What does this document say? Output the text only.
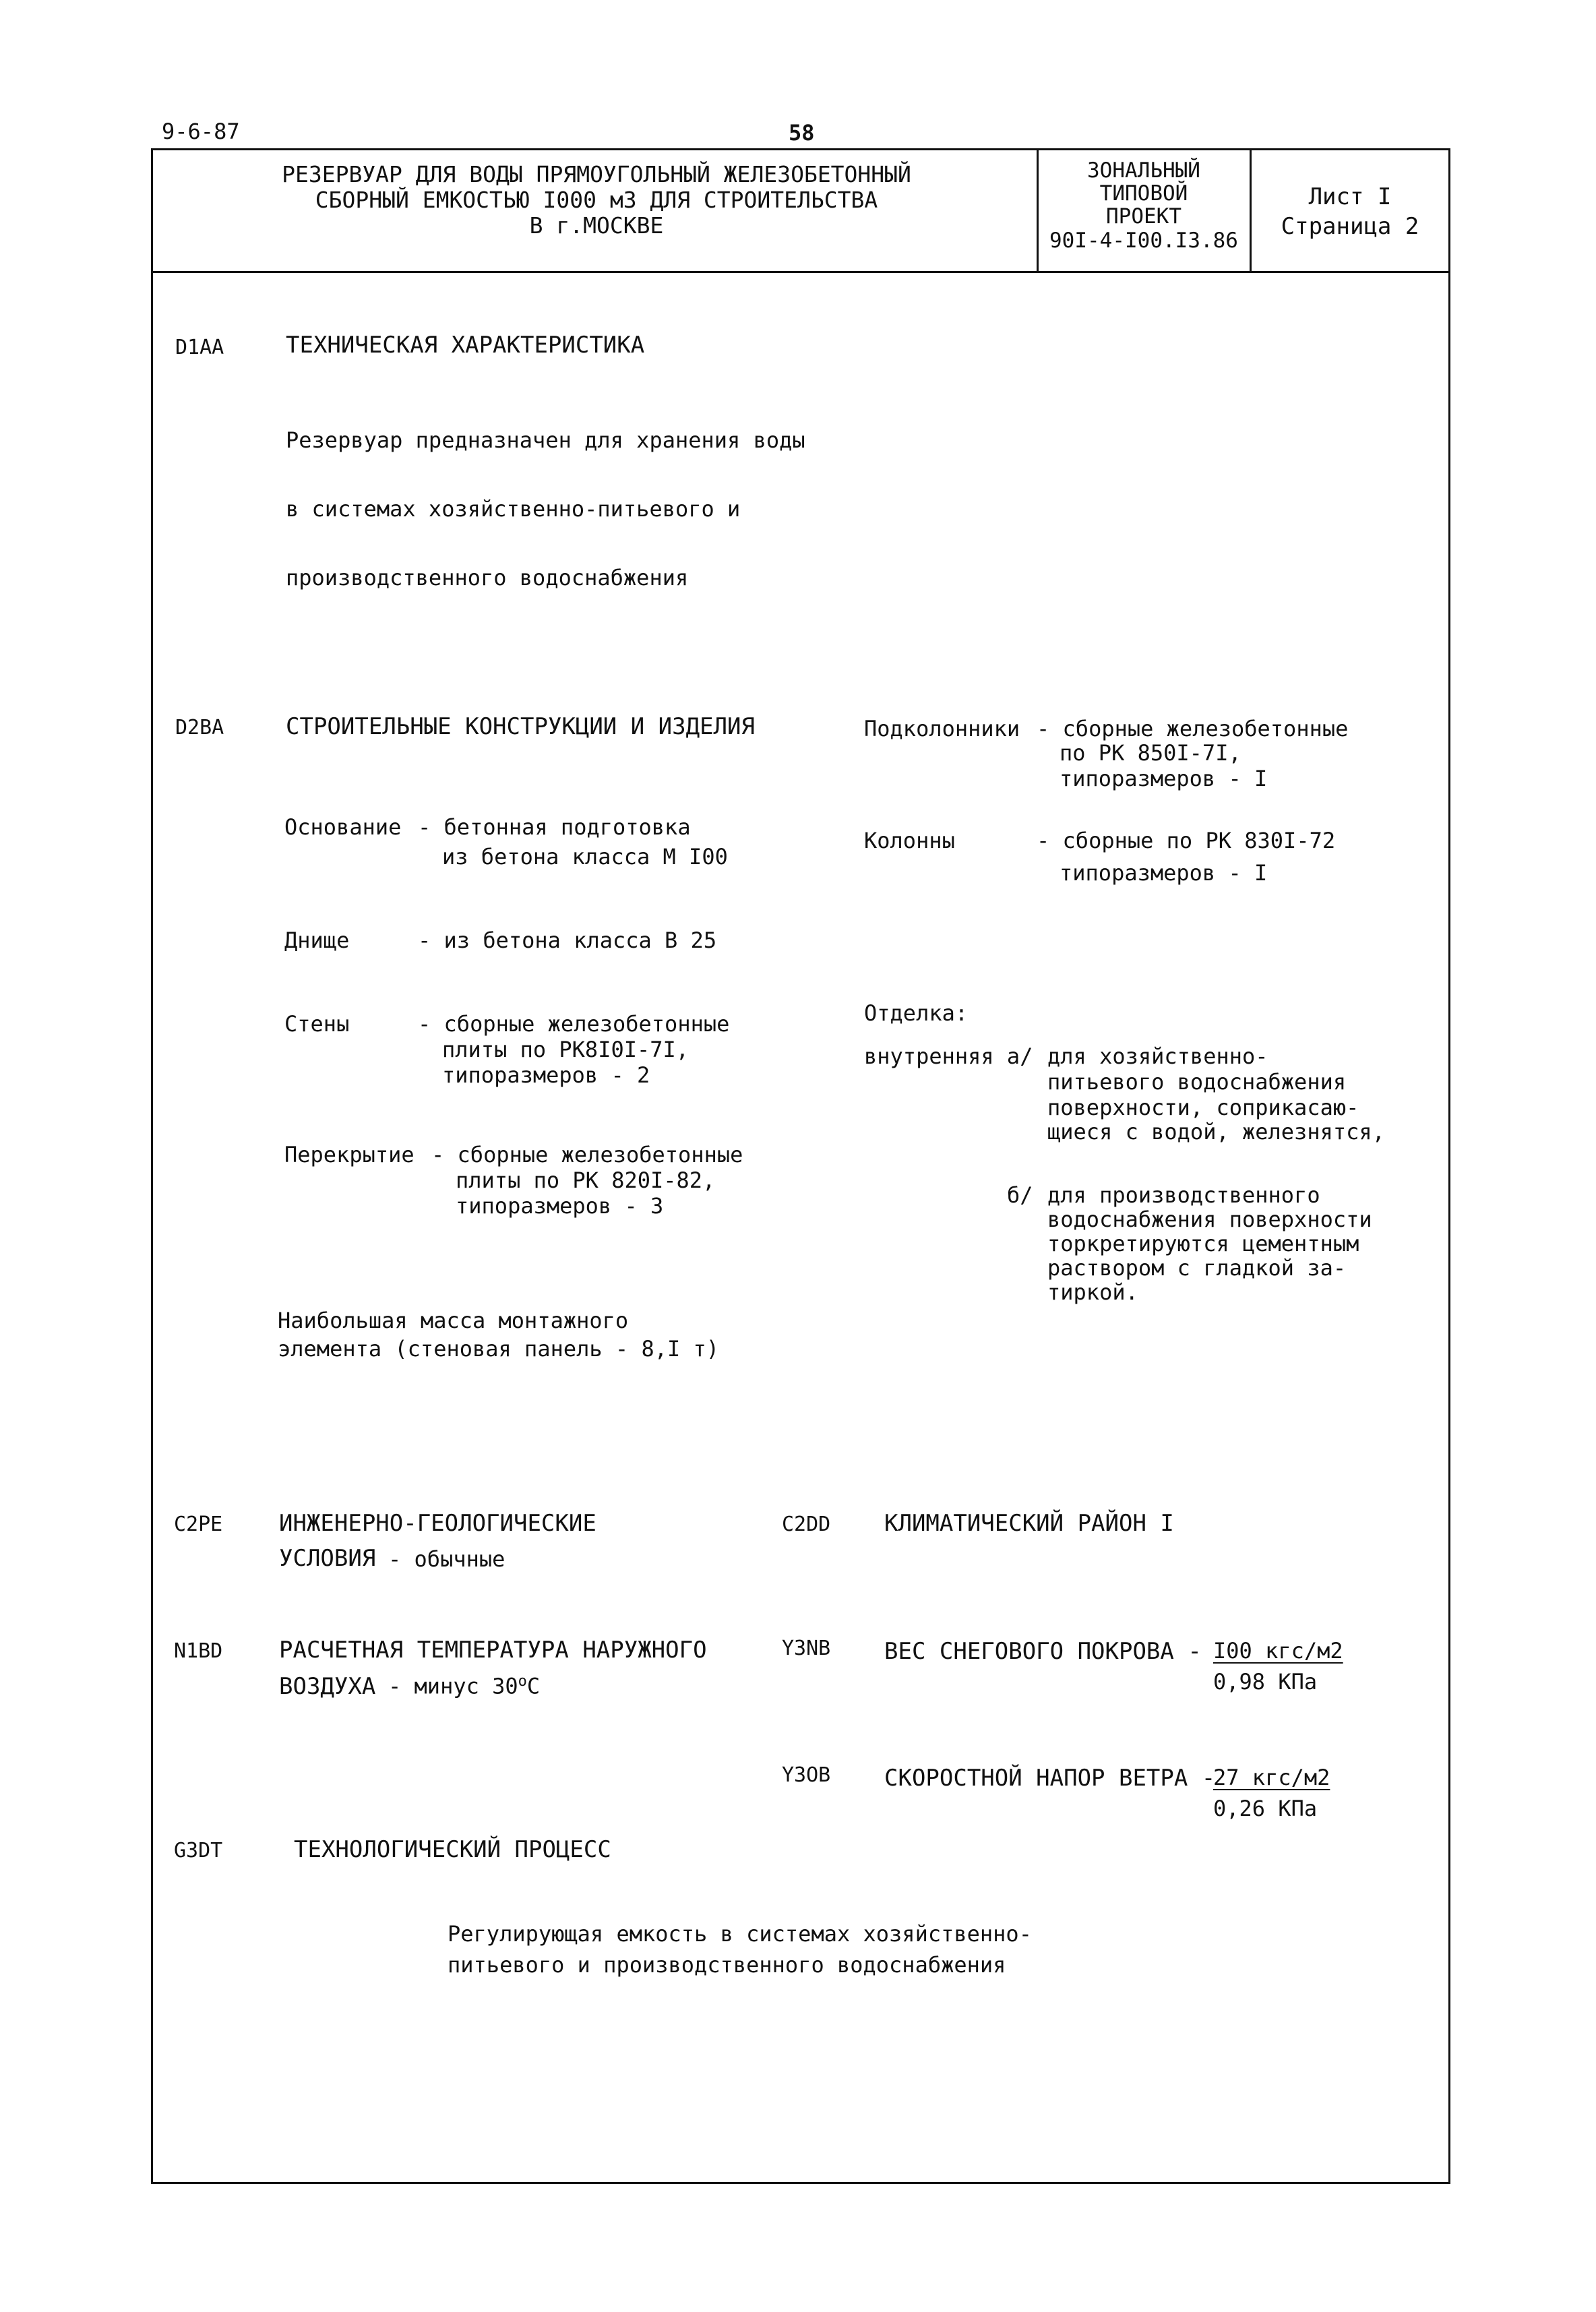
9-6-87	58
РЕЗЕРВУАР ДЛЯ ВОДЫ ПРЯМОУГОЛЬНЫЙ ЖЕЛЕЗОБЕТОННЫЙ
СБОРНЫЙ ЕМКОСТЬЮ I000 м3 ДЛЯ СТРОИТЕЛЬСТВА
В г.МОСКВЕ
ЗОНАЛЬНЫЙ
ТИПОВОЙ
ПРОЕКТ
90I-4-I00.I3.86
Лист I
Страница 2
D1AA	ТЕХНИЧЕСКАЯ ХАРАКТЕРИСТИКА

Резервуар предназначен для хранения воды

в системах хозяйственно-питьевого и

производственного водоснабжения

D2BA	СТРОИТЕЛЬНЫЕ КОНСТРУКЦИИ И ИЗДЕЛИЯ
Основание - бетонная подготовка
из бетона класса М I00
Днище	- из бетона класса В 25
Стены	- сборные железобетонные
плиты по РК8I0I-7I,
типоразмеров - 2
Перекрытие - сборные железобетонные
плиты по РК 820I-82,
типоразмеров - 3
Наибольшая масса монтажного
элемента (стеновая панель - 8,I т)
Подколонники - сборные железобетонные
по РК 850I-7I,
типоразмеров - I
Колонны	- сборные по РК 830I-72
типоразмеров - I
Отделка:
внутренняя а/ для хозяйственно-
питьевого водоснабжения
поверхности, соприкасаю-
щиеся с водой, железнятся,
б/ для производственного
водоснабжения поверхности
торкретируются цементным
раствором с гладкой за-
тиркой.
C2PE ИНЖЕНЕРНО-ГЕОЛОГИЧЕСКИЕ
УСЛОВИЯ - обычные
C2DD КЛИМАТИЧЕСКИЙ РАЙОН I
N1BD РАСЧЕТНАЯ ТЕМПЕРАТУРА НАРУЖНОГО
ВОЗДУХА - минус $30^оС$
Y3NB ВЕС СНЕГОВОГО ПОКРОВА - I00 кгс/м2
0,98 КПа
Y3OB СКОРОСТНОЙ НАПОР ВЕТРА -
27 кгс/м2
0,26 КПа
G3DT	ТЕХНОЛОГИЧЕСКИЙ ПРОЦЕСС
Регулирующая емкость в системах хозяйственно-
питьевого и производственного водоснабжения
